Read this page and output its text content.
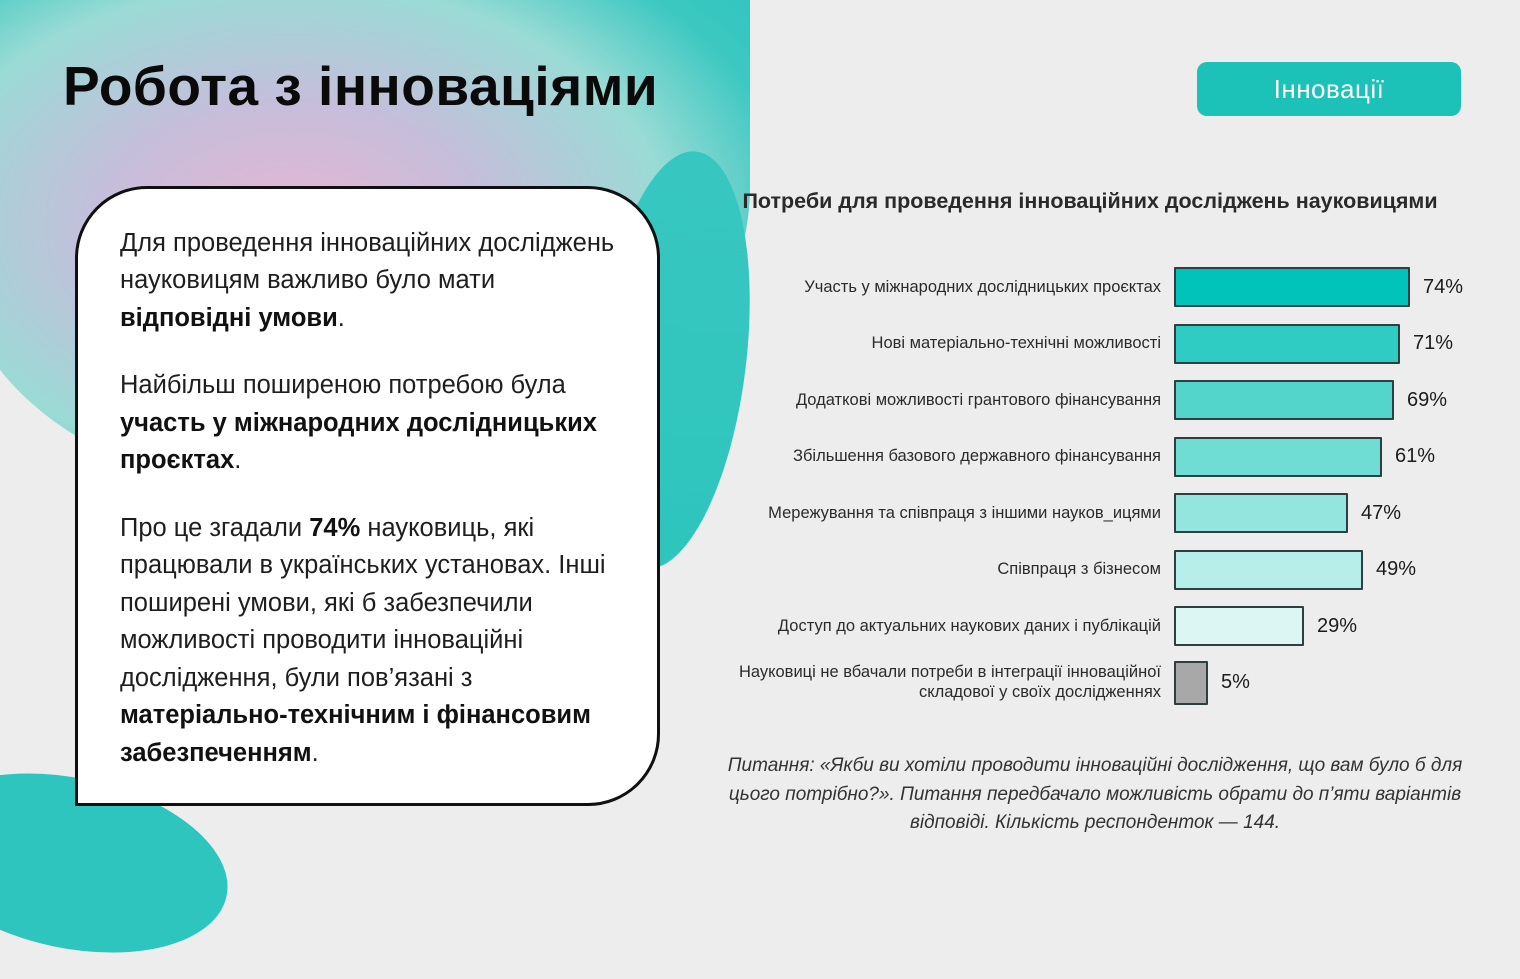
Робота з інноваціями	Інновації

Для проведення інноваційних досліджень науковицям важливо було мати відповідні умови.

Найбільш поширеною потребою була участь у міжнародних дослідницьких проєктах.

Про це згадали 74% науковиць, які працювали в українських установах. Інші поширені умови, які б забезпечили можливості проводити інноваційні дослідження, були пов’язані з матеріально-технічним і фінансовим забезпеченням.

Потреби для проведення інноваційних досліджень науковицями
Участь у міжнародних дослідницьких проєктах	74%
Нові матеріально-технічні можливості	71%
Додаткові можливості грантового фінансування	69%
Збільшення базового державного фінансування	61%
Мережування та співпраця з іншими науков_ицями	47%
Співпраця з бізнесом	49%
Доступ до актуальних наукових даних і публікацій	29%
Науковиці не вбачали потреби в інтеграції інноваційної складової у своїх дослідженнях	5%
Питання: «Якби ви хотіли проводити інноваційні дослідження, що вам було б для цього потрібно?». Питання передбачало можливість обрати до п’яти варіантів відповіді. Кількість респонденток — 144.
